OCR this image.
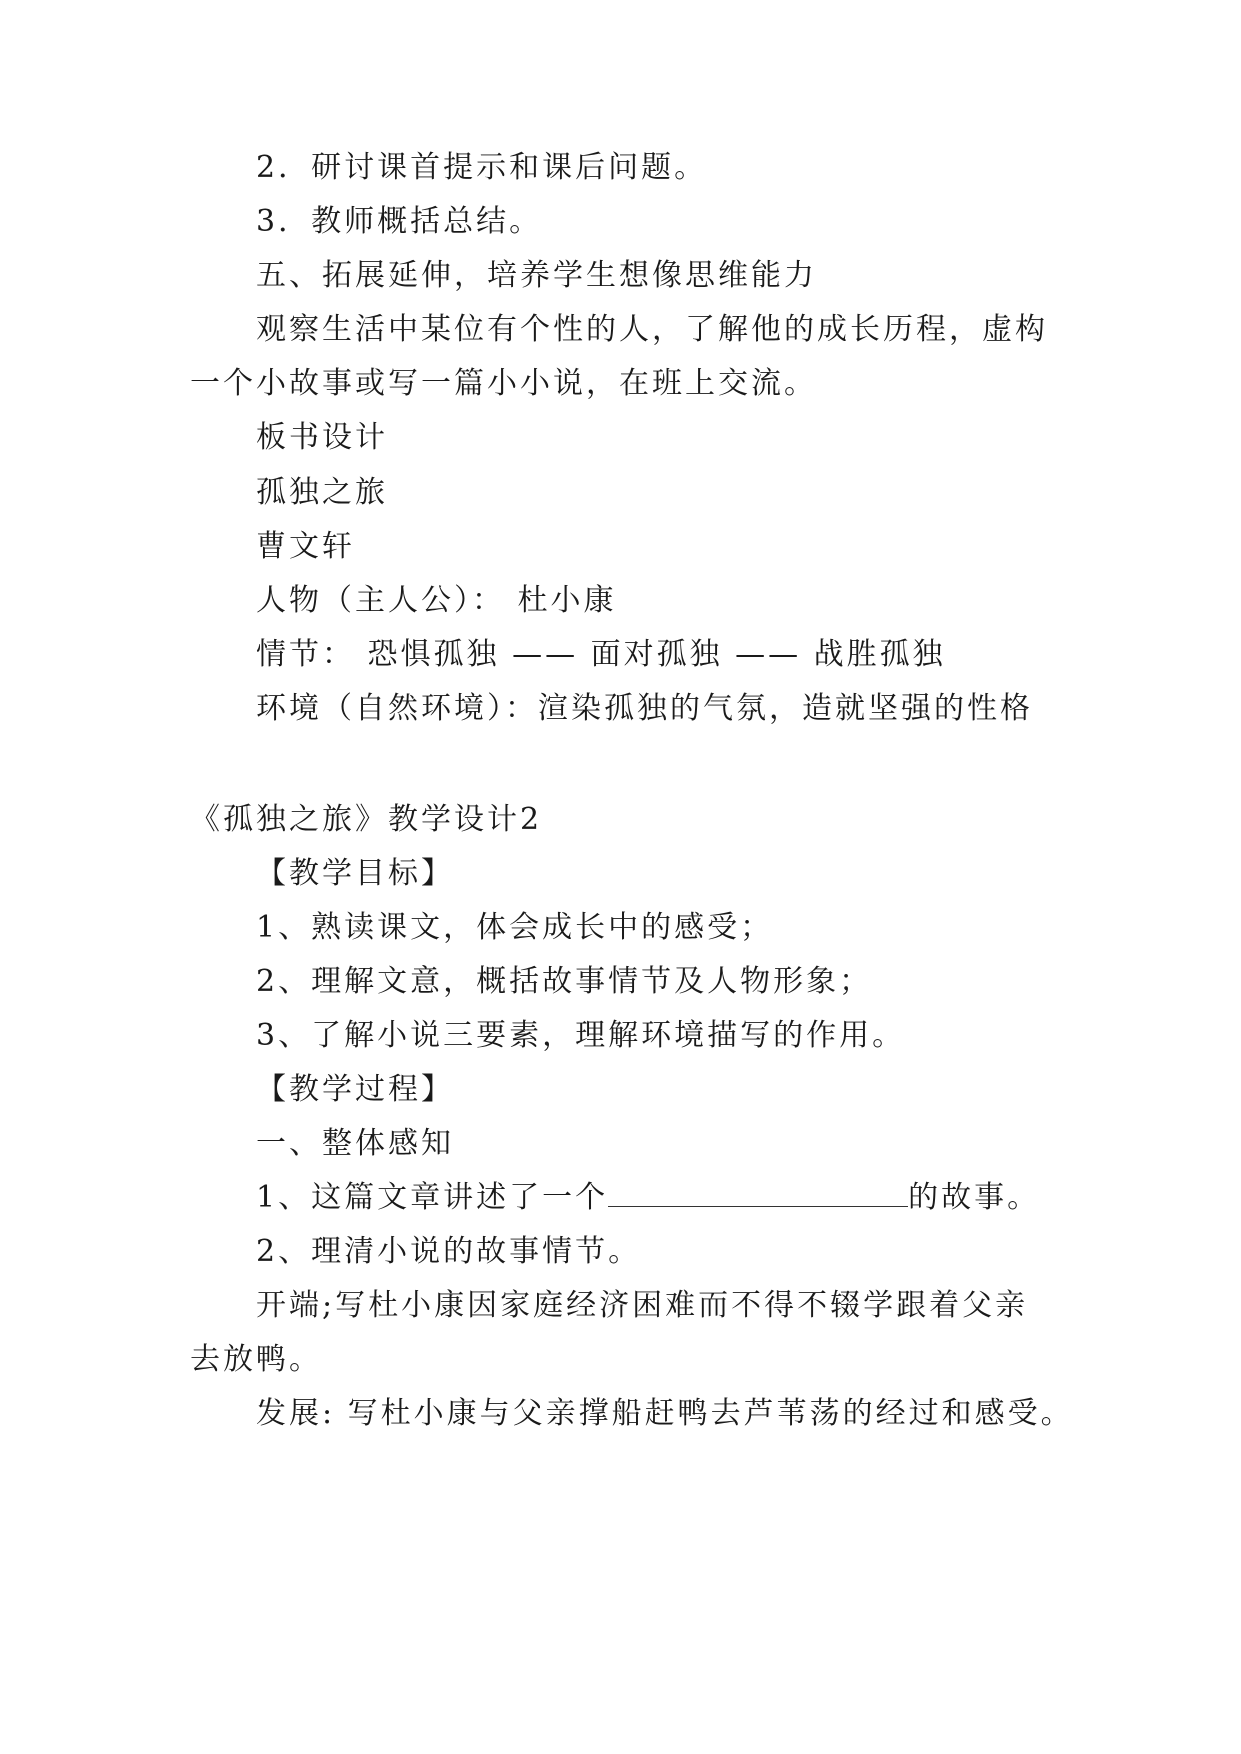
2．研讨课首提示和课后问题。
3．教师概括总结。
五、拓展延伸，培养学生想像思维能力
观察生活中某位有个性的人，了解他的成长历程，虚构
一个小故事或写一篇小小说，在班上交流。
板书设计
孤独之旅
曹文轩
人物（主人公）： 杜小康
情节： 恐惧孤独 —— 面对孤独 —— 战胜孤独
环境（自然环境）：渲染孤独的气氛，造就坚强的性格
《孤独之旅》教学设计2
【教学目标】
1、熟读课文，体会成长中的感受；
2、理解文意，概括故事情节及人物形象；
3、了解小说三要素，理解环境描写的作用。
【教学过程】
一、整体感知
1、这篇文章讲述了一个	的故事。
2、理清小说的故事情节。
开端;写杜小康因家庭经济困难而不得不辍学跟着父亲
去放鸭。
发展: 写杜小康与父亲撑船赶鸭去芦苇荡的经过和感受。
